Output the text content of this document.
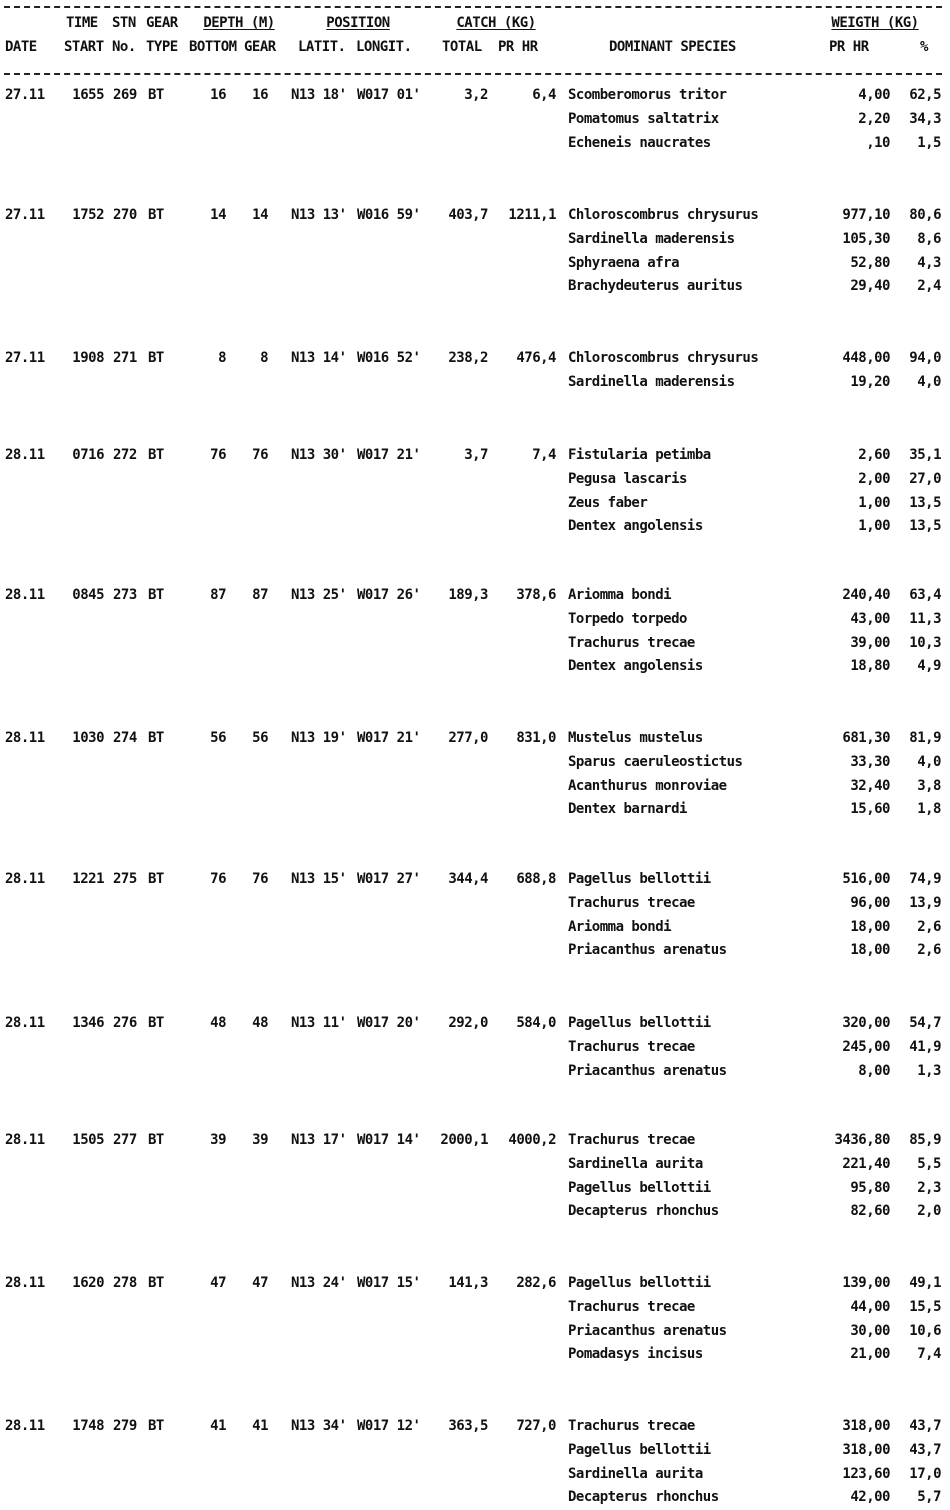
TIME STN GEAR	DEPTH (M)	POSITION	CATCH (KG)	WEIGTH (KG)
DATE START No. TYPE BOTTOM GEAR LATIT. LONGIT. TOTAL PR HR	DOMINANT SPECIES	PR HR	%
27.11	1655 269 BT	16	16 N13 18' W017 01'	3,2	6,4 Scomberomorus tritor	4,00	62,5
Pomatomus saltatrix	2,20	34,3
Echeneis naucrates	,10	1,5
27.11	1752 270 BT	14	14 N13 13' W016 59'	403,7	1211,1 Chloroscombrus chrysurus	977,10	80,6
Sardinella maderensis	105,30	8,6
Sphyraena afra	52,80	4,3
Brachydeuterus auritus	29,40	2,4
27.11	1908 271 BT	8	8 N13 14' W016 52'	238,2	476,4 Chloroscombrus chrysurus	448,00	94,0
Sardinella maderensis	19,20	4,0
28.11	0716 272 BT	76	76 N13 30' W017 21'	3,7	7,4 Fistularia petimba	2,60	35,1
Pegusa lascaris	2,00	27,0
Zeus faber	1,00	13,5
Dentex angolensis	1,00	13,5
28.11	0845 273 BT	87	87 N13 25' W017 26'	189,3	378,6 Ariomma bondi	240,40	63,4
Torpedo torpedo	43,00	11,3
Trachurus trecae	39,00	10,3
Dentex angolensis	18,80	4,9
28.11	1030 274 BT	56	56 N13 19' W017 21'	277,0	831,0 Mustelus mustelus	681,30	81,9
Sparus caeruleostictus	33,30	4,0
Acanthurus monroviae	32,40	3,8
Dentex barnardi	15,60	1,8
28.11	1221 275 BT	76	76 N13 15' W017 27'	344,4	688,8 Pagellus bellottii	516,00	74,9
Trachurus trecae	96,00	13,9
Ariomma bondi	18,00	2,6
Priacanthus arenatus	18,00	2,6
28.11	1346 276 BT	48	48 N13 11' W017 20'	292,0	584,0 Pagellus bellottii	320,00	54,7
Trachurus trecae	245,00	41,9
Priacanthus arenatus	8,00	1,3
28.11	1505 277 BT	39	39 N13 17' W017 14'	2000,1	4000,2 Trachurus trecae	3436,80	85,9
Sardinella aurita	221,40	5,5
Pagellus bellottii	95,80	2,3
Decapterus rhonchus	82,60	2,0
28.11	1620 278 BT	47	47 N13 24' W017 15'	141,3	282,6 Pagellus bellottii	139,00	49,1
Trachurus trecae	44,00	15,5
Priacanthus arenatus	30,00	10,6
Pomadasys incisus	21,00	7,4
28.11	1748 279 BT	41	41 N13 34' W017 12'	363,5	727,0 Trachurus trecae	318,00	43,7
Pagellus bellottii	318,00	43,7
Sardinella aurita	123,60	17,0
Decapterus rhonchus	42,00	5,7
